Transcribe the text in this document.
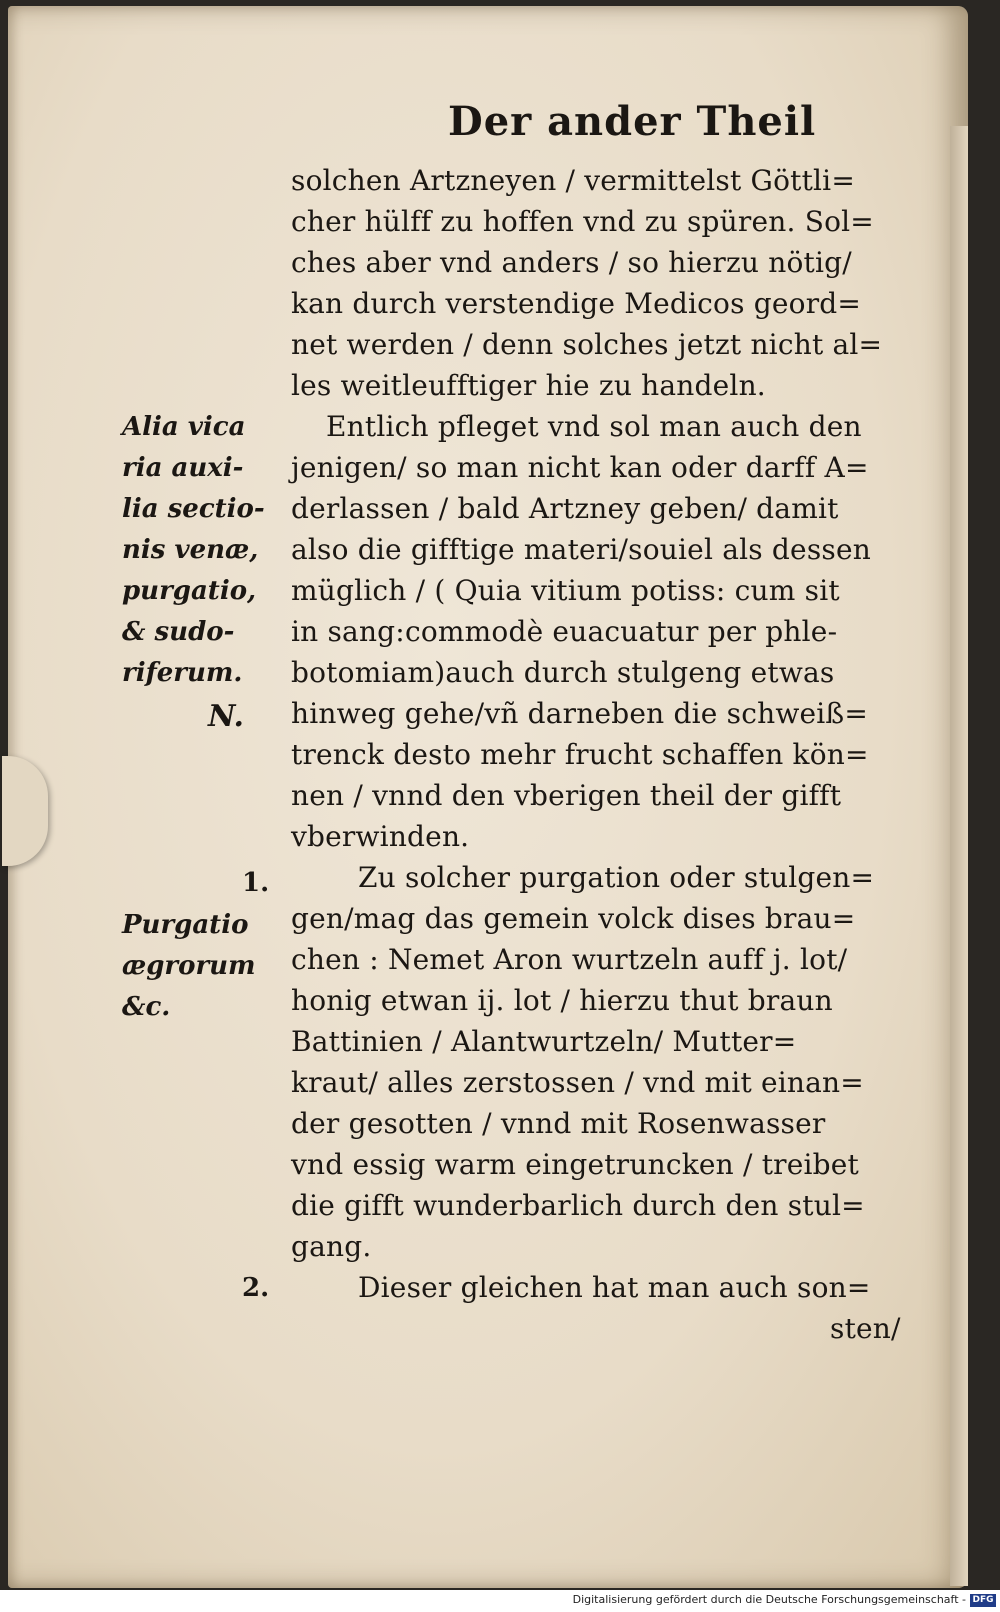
Der ander Theil
solchen Artzneyen / vermittelst Göttli=
cher hülff zu hoffen vnd zu spüren. Sol=
ches aber vnd anders / so hierzu nötig/
kan durch verstendige Medicos geord=
net werden / denn solches jetzt nicht al=
les weitleufftiger hie zu handeln.
Entlich pfleget vnd sol man auch den
jenigen/ so man nicht kan oder darff A=
derlassen / bald Artzney geben/ damit
also die gifftige materi/souiel als dessen
müglich / ( Quia vitium potiss: cum sit
in sang:commodè euacuatur per phle-
botomiam)auch durch stulgeng etwas
hinweg gehe/vñ darneben die schweiß=
trenck desto mehr frucht schaffen kön=
nen / vnnd den vberigen theil der gifft
vberwinden.
Zu solcher purgation oder stulgen=
gen/mag das gemein volck dises brau=
chen : Nemet Aron wurtzeln auff j. lot/
honig etwan ij. lot / hierzu thut braun
Battinien / Alantwurtzeln/ Mutter=
kraut/ alles zerstossen / vnd mit einan=
der gesotten / vnnd mit Rosenwasser
vnd essig warm eingetruncken / treibet
die gifft wunderbarlich durch den stul=
gang.
Dieser gleichen hat man auch son=
sten/
Alia vica
ria auxi-
lia sectio-
nis venæ,
purgatio,
& sudo-
riferum.
N.
1.
Purgatio
ægrorum
&c.
2.
Digitalisierung gefördert durch die Deutsche Forschungsgemeinschaft - DFG
